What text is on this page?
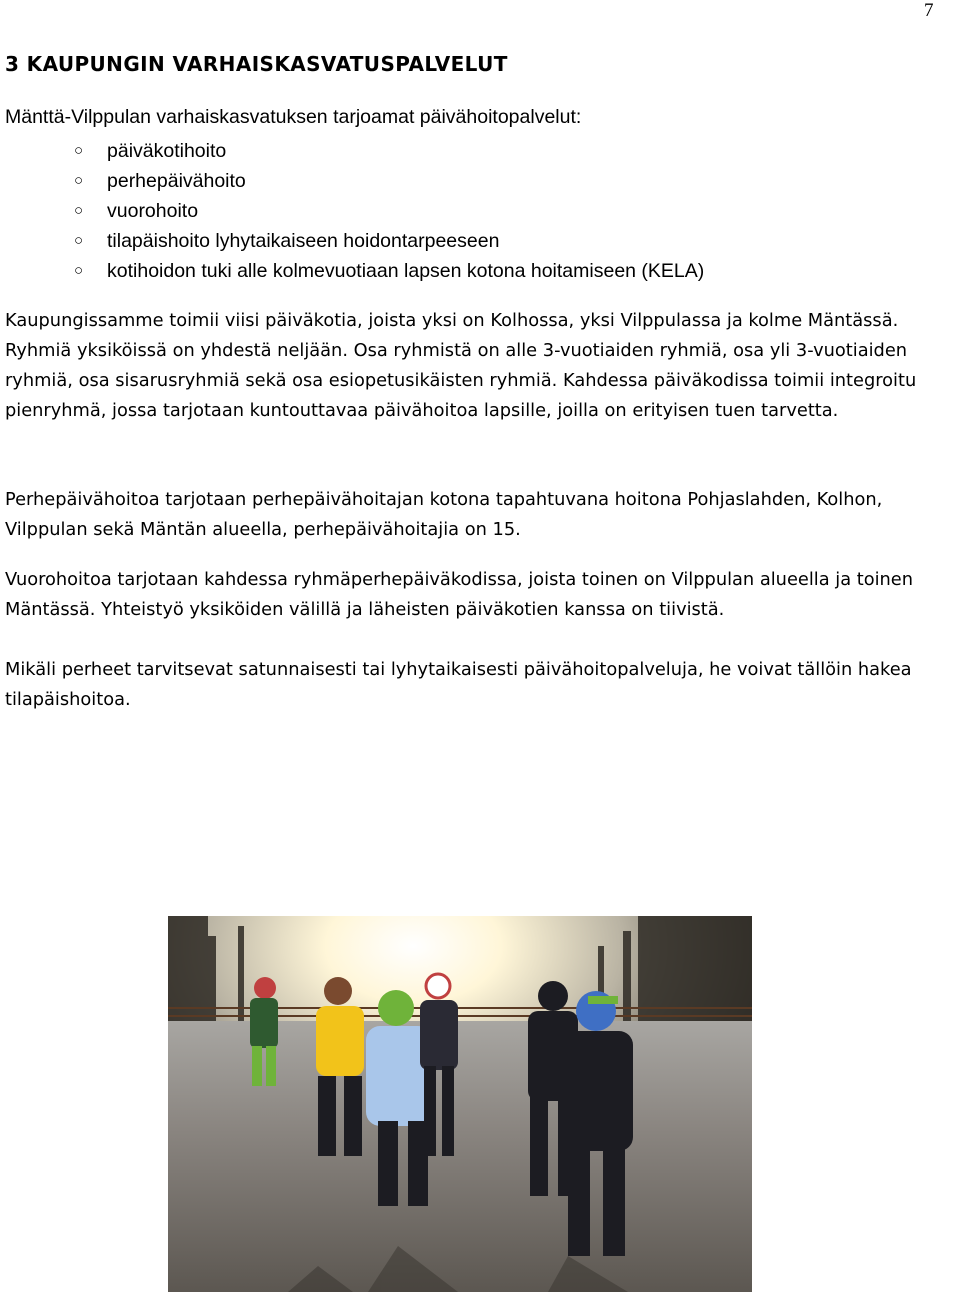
7
3 KAUPUNGIN VARHAISKASVATUSPALVELUT
Mänttä-Vilppulan varhaiskasvatuksen tarjoamat päivähoitopalvelut:
○ päiväkotihoito
○ perhepäivähoito
○ vuorohoito
○ tilapäishoito lyhytaikaiseen hoidontarpeeseen
○ kotihoidon tuki alle kolmevuotiaan lapsen kotona hoitamiseen (KELA)

Kaupungissamme toimii viisi päiväkotia, joista yksi on Kolhossa, yksi Vilppulassa ja kolme Mäntässä. Ryhmiä yksiköissä on yhdestä neljään. Osa ryhmistä on alle 3-vuotiaiden ryhmiä, osa yli 3-vuotiaiden ryhmiä, osa sisarusryhmiä sekä osa esiopetusikäisten ryhmiä. Kahdessa päiväkodissa toimii integroitu pienryhmä, jossa tarjotaan kuntouttavaa päivähoitoa lapsille, joilla on erityisen tuen tarvetta.

Perhepäivähoitoa tarjotaan perhepäivähoitajan kotona tapahtuvana hoitona Pohjaslahden, Kolhon, Vilppulan sekä Mäntän alueella, perhepäivähoitajia on 15.

Vuorohoitoa tarjotaan kahdessa ryhmäperhepäiväkodissa, joista toinen on Vilppulan alueella ja toinen Mäntässä. Yhteistyö yksiköiden välillä ja läheisten päiväkotien kanssa on tiivistä.

Mikäli perheet tarvitsevat satunnaisesti tai lyhytaikaisesti päivähoitopalveluja, he voivat tällöin hakea tilapäishoitoa.
